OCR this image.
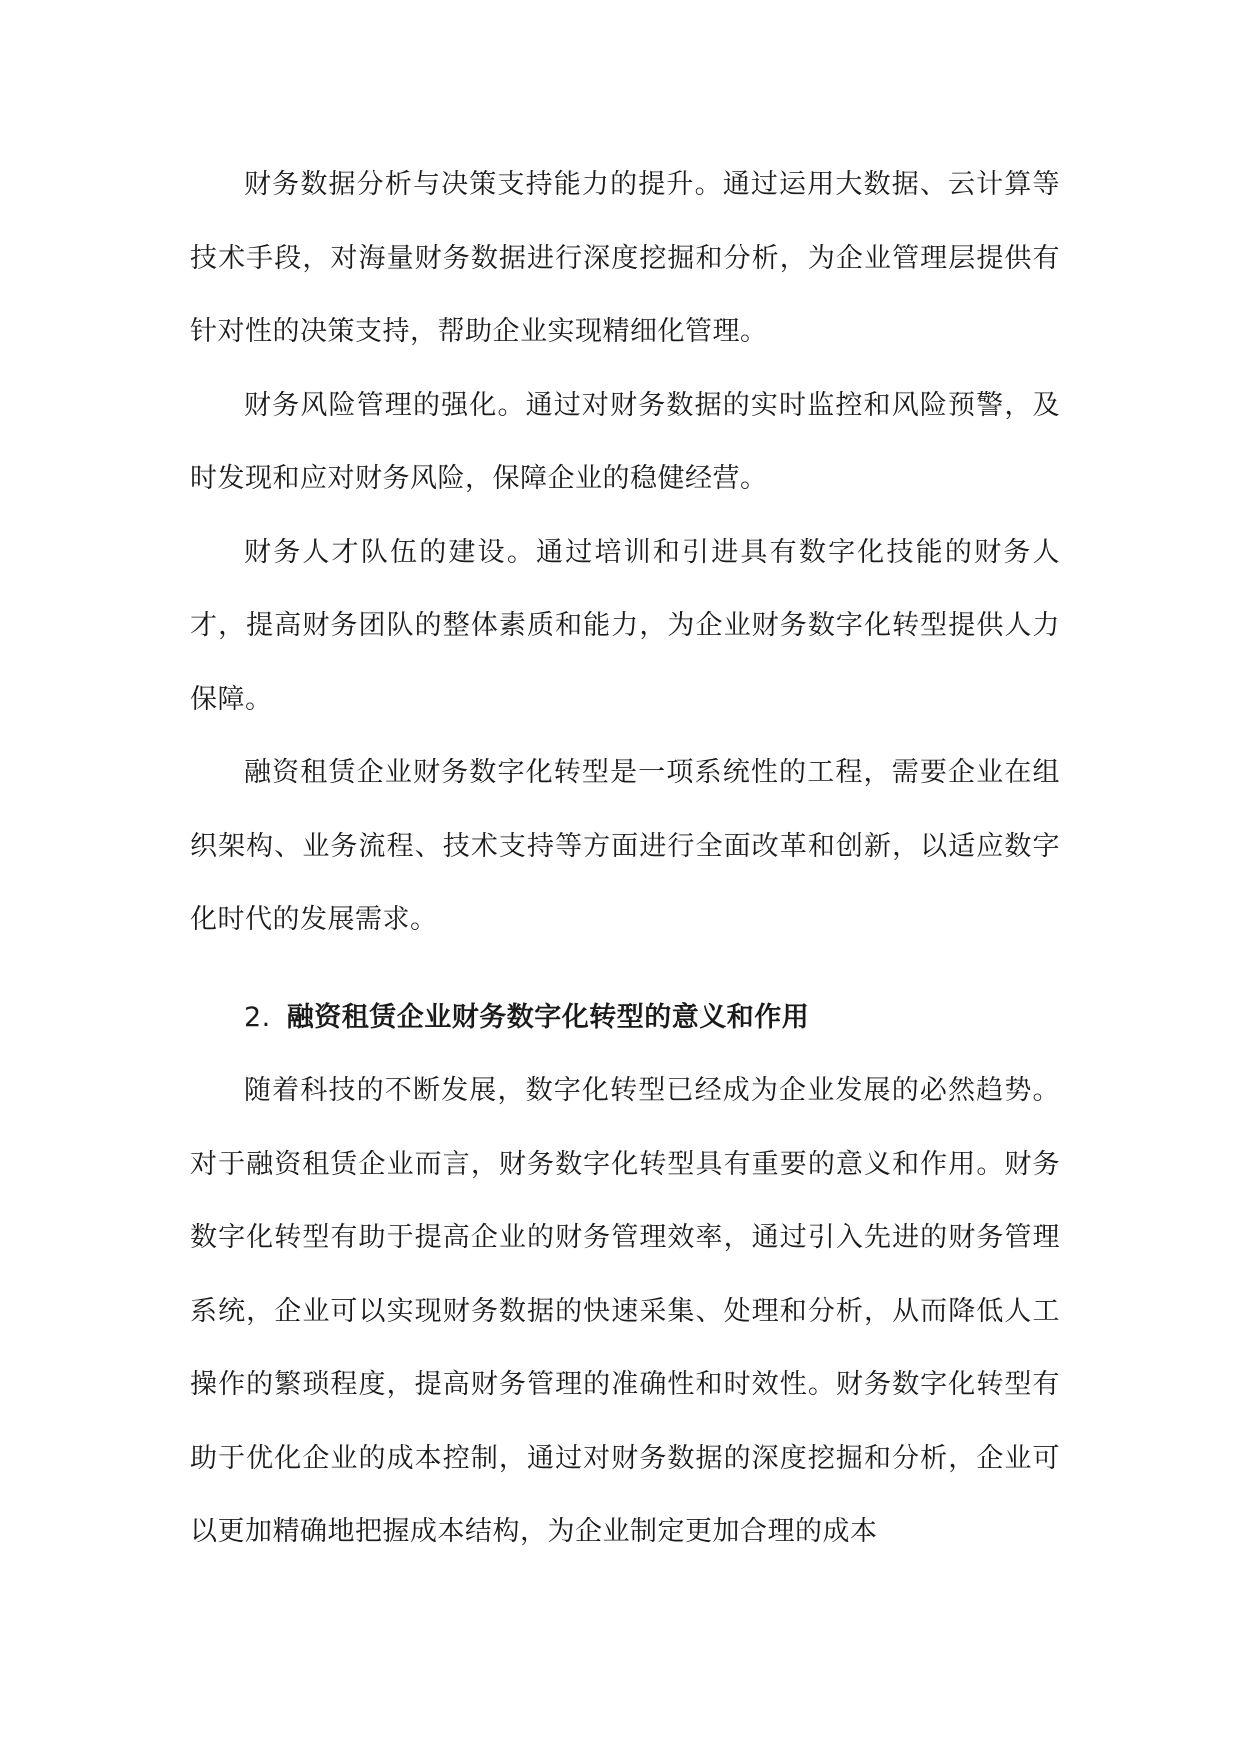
财务数据分析与决策支持能力的提升。通过运用大数据、云计算等技术手段，对海量财务数据进行深度挖掘和分析，为企业管理层提供有针对性的决策支持，帮助企业实现精细化管理。

财务风险管理的强化。通过对财务数据的实时监控和风险预警，及时发现和应对财务风险，保障企业的稳健经营。

财务人才队伍的建设。通过培训和引进具有数字化技能的财务人才，提高财务团队的整体素质和能力，为企业财务数字化转型提供人力保障。

融资租赁企业财务数字化转型是一项系统性的工程，需要企业在组织架构、业务流程、技术支持等方面进行全面改革和创新，以适应数字化时代的发展需求。

2. 融资租赁企业财务数字化转型的意义和作用

随着科技的不断发展，数字化转型已经成为企业发展的必然趋势。对于融资租赁企业而言，财务数字化转型具有重要的意义和作用。财务数字化转型有助于提高企业的财务管理效率，通过引入先进的财务管理系统，企业可以实现财务数据的快速采集、处理和分析，从而降低人工操作的繁琐程度，提高财务管理的准确性和时效性。财务数字化转型有助于优化企业的成本控制，通过对财务数据的深度挖掘和分析，企业可以更加精确地把握成本结构，为企业制定更加合理的成本
